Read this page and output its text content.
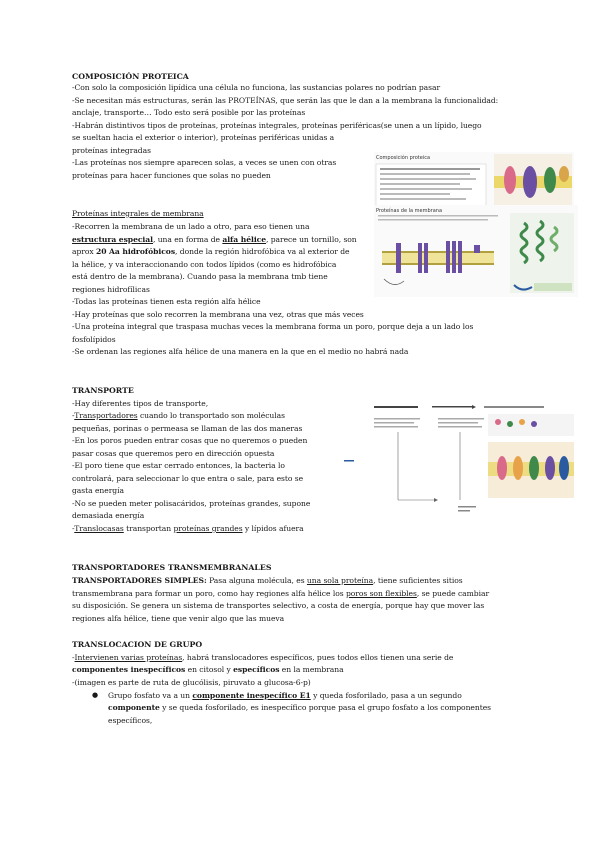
COMPOSICIÓN PROTEICA
-Con solo la composición lipídica una célula no funciona, las sustancias polares no podrían pasar
-Se necesitan más estructuras, serán las PROTEÍNAS, que serán las que le dan a la membrana la funcionalidad:
anclaje, transporte… Todo esto será posible por las proteínas
-Habrán distintivos tipos de proteínas, proteínas integrales, proteínas periféricas(se unen a un lípido, luego
se sueltan hacia el exterior o interior), proteínas periféricas unidas a
proteínas integradas
-Las proteínas nos siempre aparecen solas, a veces se unen con otras
proteínas para hacer funciones que solas no pueden
Composición proteica
Proteínas integrales de membrana
-Recorren la membrana de un lado a otro, para eso tienen una
estructura especial, una en forma de alfa hélice, parece un tornillo, son
aprox 20 Aa hidrofóbicos, donde la región hidrofóbica va al exterior de
la hélice, y va interaccionando con todos lípidos (como es hidrofóbica
está dentro de la membrana). Cuando pasa la membrana tmb tiene
regiones hidrofílicas
-Todas las proteínas tienen esta región alfa hélice
-Hay proteínas que solo recorren la membrana una vez, otras que más veces
-Una proteína integral que traspasa muchas veces la membrana forma un poro, porque deja a un lado los
fosfolípidos
-Se ordenan las regiones alfa hélice de una manera en la que en el medio no habrá nada
Proteínas de la membrana
TRANSPORTE
-Hay diferentes tipos de transporte,
-Transportadores cuando lo transportado son moléculas
pequeñas, porinas o permeasa se llaman de las dos maneras
-En los poros pueden entrar cosas que no queremos o pueden
pasar cosas que queremos pero en dirección opuesta
-El poro tiene que estar cerrado entonces, la bacteria lo
controlará, para seleccionar lo que entra o sale, para esto se
gasta energía
-No se pueden meter polisacáridos, proteínas grandes, supone
demasiada energía
-Translocasas transportan proteínas grandes y lípidos afuera
TRANSPORTADORES TRANSMEMBRANALES
TRANSPORTADORES SIMPLES: Pasa alguna molécula, es una sola proteína, tiene suficientes sitios
transmembrana para formar un poro, como hay regiones alfa hélice los poros son flexibles, se puede cambiar
su disposición. Se genera un sistema de transportes selectivo, a costa de energía, porque hay que mover las
regiones alfa hélice, tiene que venir algo que las mueva
TRANSLOCACION DE GRUPO
-Intervienen varias proteínas, habrá translocadores específicos, pues todos ellos tienen una serie de
componentes inespecíficos en citosol y específicos en la membrana
-(imagen es parte de ruta de glucólisis, piruvato a glucosa-6-p)
● Grupo fosfato va a un componente inespecífico E1 y queda fosforilado, pasa a un segundo
componente y se queda fosforilado, es inespecífico porque pasa el grupo fosfato a los componentes
específicos,
